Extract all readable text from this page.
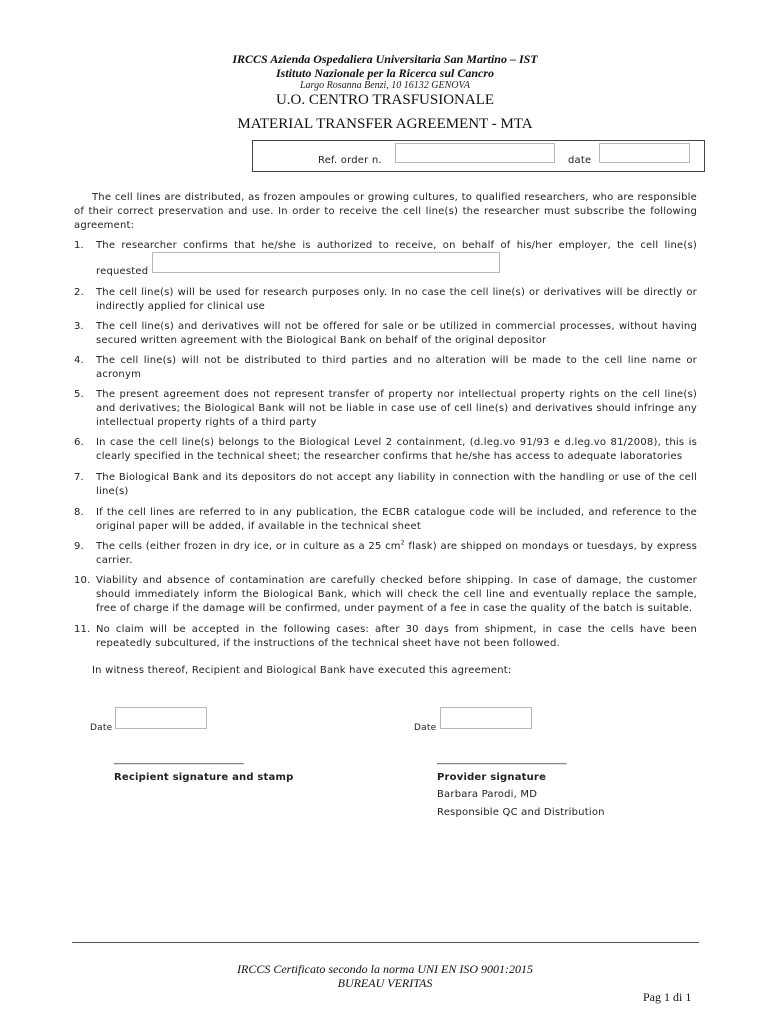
IRCCS Azienda Ospedaliera Universitaria San Martino – IST
Istituto Nazionale per la Ricerca sul Cancro
Largo Rosanna Benzi, 10 16132 GENOVA
U.O. CENTRO TRASFUSIONALE
MATERIAL TRANSFER AGREEMENT - MTA
Ref. order n.	date
The cell lines are distributed, as frozen ampoules or growing cultures, to qualified researchers, who are responsible
of their correct preservation and use. In order to receive the cell line(s) the researcher must subscribe the following
agreement:
1.	The researcher confirms that he/she is authorized to receive, on behalf of his/her employer, the cell line(s)
requested
2.	The cell line(s) will be used for research purposes only. In no case the cell line(s) or derivatives will be directly or
indirectly applied for clinical use
3.	The cell line(s) and derivatives will not be offered for sale or be utilized in commercial processes, without having
secured written agreement with the Biological Bank on behalf of the original depositor
4.	The cell line(s) will not be distributed to third parties and no alteration will be made to the cell line name or
acronym
5.	The present agreement does not represent transfer of property nor intellectual property rights on the cell line(s)
and derivatives; the Biological Bank will not be liable in case use of cell line(s) and derivatives should infringe any
intellectual property rights of a third party
6.	In case the cell line(s) belongs to the Biological Level 2 containment, (d.leg.vo 91/93 e d.leg.vo 81/2008), this is
clearly specified in the technical sheet; the researcher confirms that he/she has access to adequate laboratories
7.	The Biological Bank and its depositors do not accept any liability in connection with the handling or use of the cell
line(s)
8.	If the cell lines are referred to in any publication, the ECBR catalogue code will be included, and reference to the
original paper will be added, if available in the technical sheet
9.	The cells (either frozen in dry ice, or in culture as a 25 $cm^2$ flask) are shipped on mondays or tuesdays, by express
carrier.
10. Viability and absence of contamination are carefully checked before shipping. In case of damage, the customer
should immediately inform the Biological Bank, which will check the cell line and eventually replace the sample,
free of charge if the damage will be confirmed, under payment of a fee in case the quality of the batch is suitable.
11. No claim will be accepted in the following cases: after 30 days from shipment, in case the cells have been
repeatedly subcultured, if the instructions of the technical sheet have not been followed.
In witness thereof, Recipient and Biological Bank have executed this agreement:
Date
_________________________
Recipient signature and stamp
Date
_________________________
Provider signature
Barbara Parodi, MD
Responsible QC and Distribution
IRCCS Certificato secondo la norma UNI EN ISO 9001:2015
BUREAU VERITAS
Pag 1 di 1
